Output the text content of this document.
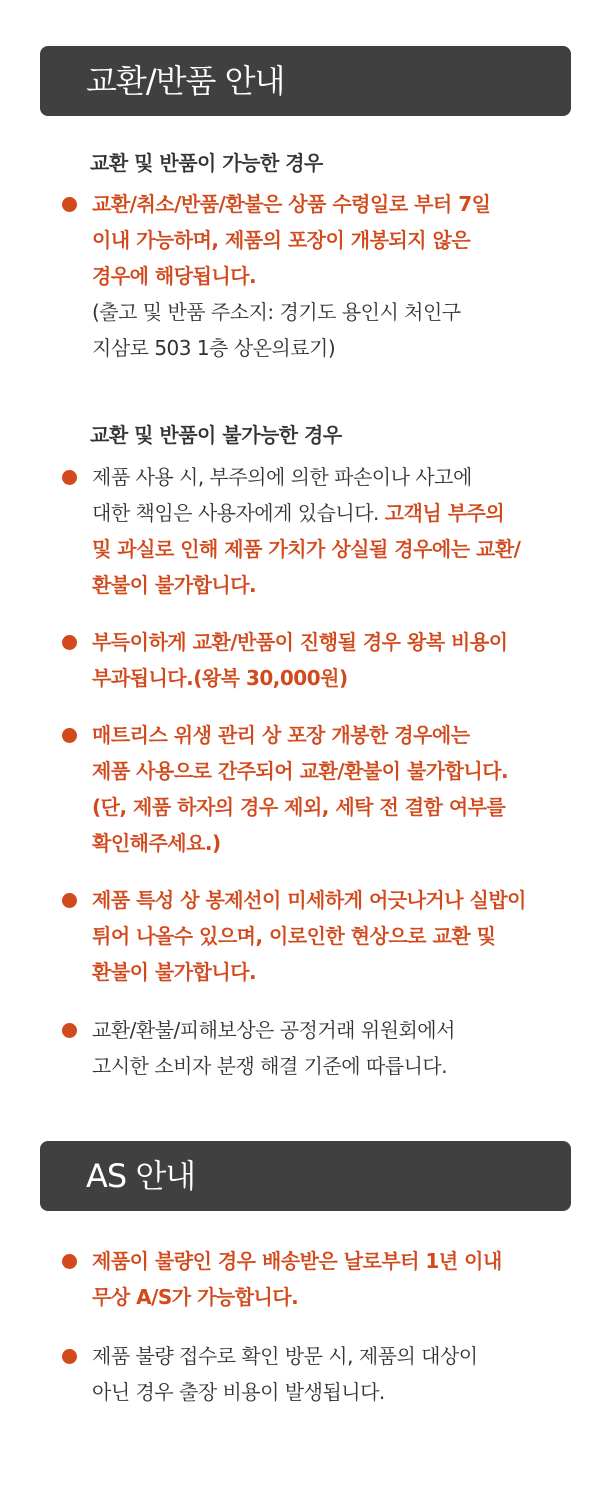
교환/반품 안내
교환 및 반품이 가능한 경우
교환/취소/반품/환불은 상품 수령일로 부터 7일
이내 가능하며, 제품의 포장이 개봉되지 않은
경우에 해당됩니다.
(출고 및 반품 주소지: 경기도 용인시 처인구
지삼로 503 1층 상온의료기)
교환 및 반품이 불가능한 경우
제품 사용 시, 부주의에 의한 파손이나 사고에
대한 책임은 사용자에게 있습니다. 고객님 부주의
및 과실로 인해 제품 가치가 상실될 경우에는 교환/
환불이 불가합니다.
부득이하게 교환/반품이 진행될 경우 왕복 비용이
부과됩니다.(왕복 30,000원)
매트리스 위생 관리 상 포장 개봉한 경우에는
제품 사용으로 간주되어 교환/환불이 불가합니다.
(단, 제품 하자의 경우 제외, 세탁 전 결함 여부를
확인해주세요.)
제품 특성 상 봉제선이 미세하게 어긋나거나 실밥이
튀어 나올수 있으며, 이로인한 현상으로 교환 및
환불이 불가합니다.
교환/환불/피해보상은 공정거래 위원회에서
고시한 소비자 분쟁 해결 기준에 따릅니다.
AS 안내
제품이 불량인 경우 배송받은 날로부터 1년 이내
무상 A/S가 가능합니다.
제품 불량 접수로 확인 방문 시, 제품의 대상이
아닌 경우 출장 비용이 발생됩니다.
